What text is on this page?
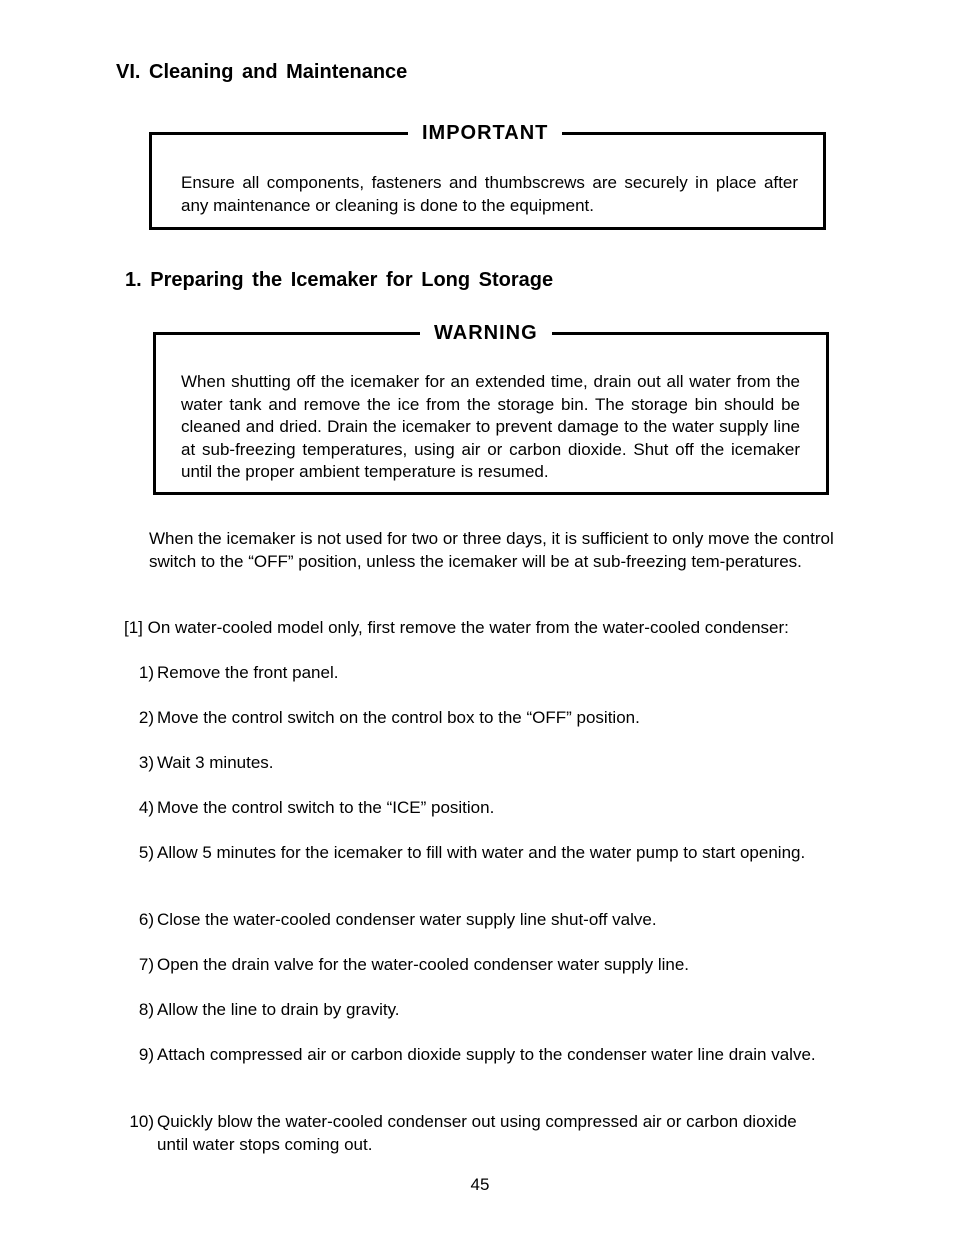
VI. Cleaning and Maintenance
IMPORTANT
Ensure all components, fasteners and thumbscrews are securely in place after any maintenance or cleaning is done to the equipment.
1. Preparing the Icemaker for Long Storage
WARNING
When shutting off the icemaker for an extended time, drain out all water from the water tank and remove the ice from the storage bin. The storage bin should be cleaned and dried. Drain the icemaker to prevent damage to the water supply line at sub-freezing temperatures, using air or carbon dioxide. Shut off the icemaker until the proper ambient temperature is resumed.
When the icemaker is not used for two or three days, it is sufficient to only move the control switch to the “OFF” position, unless the icemaker will be at sub-freezing tem-peratures.
[1] On water-cooled model only, first remove the water from the water-cooled condenser:
1) Remove the front panel.
2) Move the control switch on the control box to the “OFF” position.
3) Wait 3 minutes.
4) Move the control switch to the “ICE” position.
5) Allow 5 minutes for the icemaker to fill with water and the water pump to start opening.
6) Close the water-cooled condenser water supply line shut-off valve.
7) Open the drain valve for the water-cooled condenser water supply line.
8) Allow the line to drain by gravity.
9) Attach compressed air or carbon dioxide supply to the condenser water line drain valve.
10) Quickly blow the water-cooled condenser out using compressed air or carbon dioxide until water stops coming out.
45
